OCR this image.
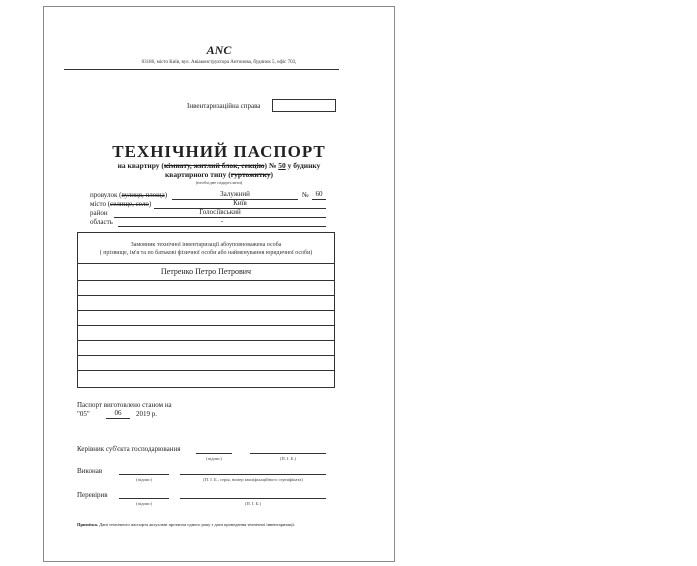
ANC
03186, місто Київ, вул. Авіаконструктора Антонова, будинок 5, офіс 703,
Інвентаризаційна справа
ТЕХНІЧНИЙ ПАСПОРТ
на квартиру (кімнату, житлий блок, секцію) № 50 у будинку
квартирного типу (гуртожитку)
(необхідне підкреслити)
провулок (вулиця, площа)	Залужний	№ 60
місто (селище, село)	Київ
район	Голосіївський
область	-
Замовник технічної інвентаризації абоуповноважена особа
( прізвище, ім'я та по батькові фізичної особи або найменування юридичної особи)
Петренко Петро Петрович
Паспорт виготовлено станом на
"05"	06	2019 р.
Керівник суб'єкта господарювання
(підпис)	(П. І. Б.)
Виконав
(підпис)	(П. І. Б., серія, номер кваліфікаційного сертифіката)
Перевірив
(підпис)	(П. І. Б.)
Примітка. Дані технічного паспорта актуальні протягом одного року з дати проведення технічної інвентаризації.
